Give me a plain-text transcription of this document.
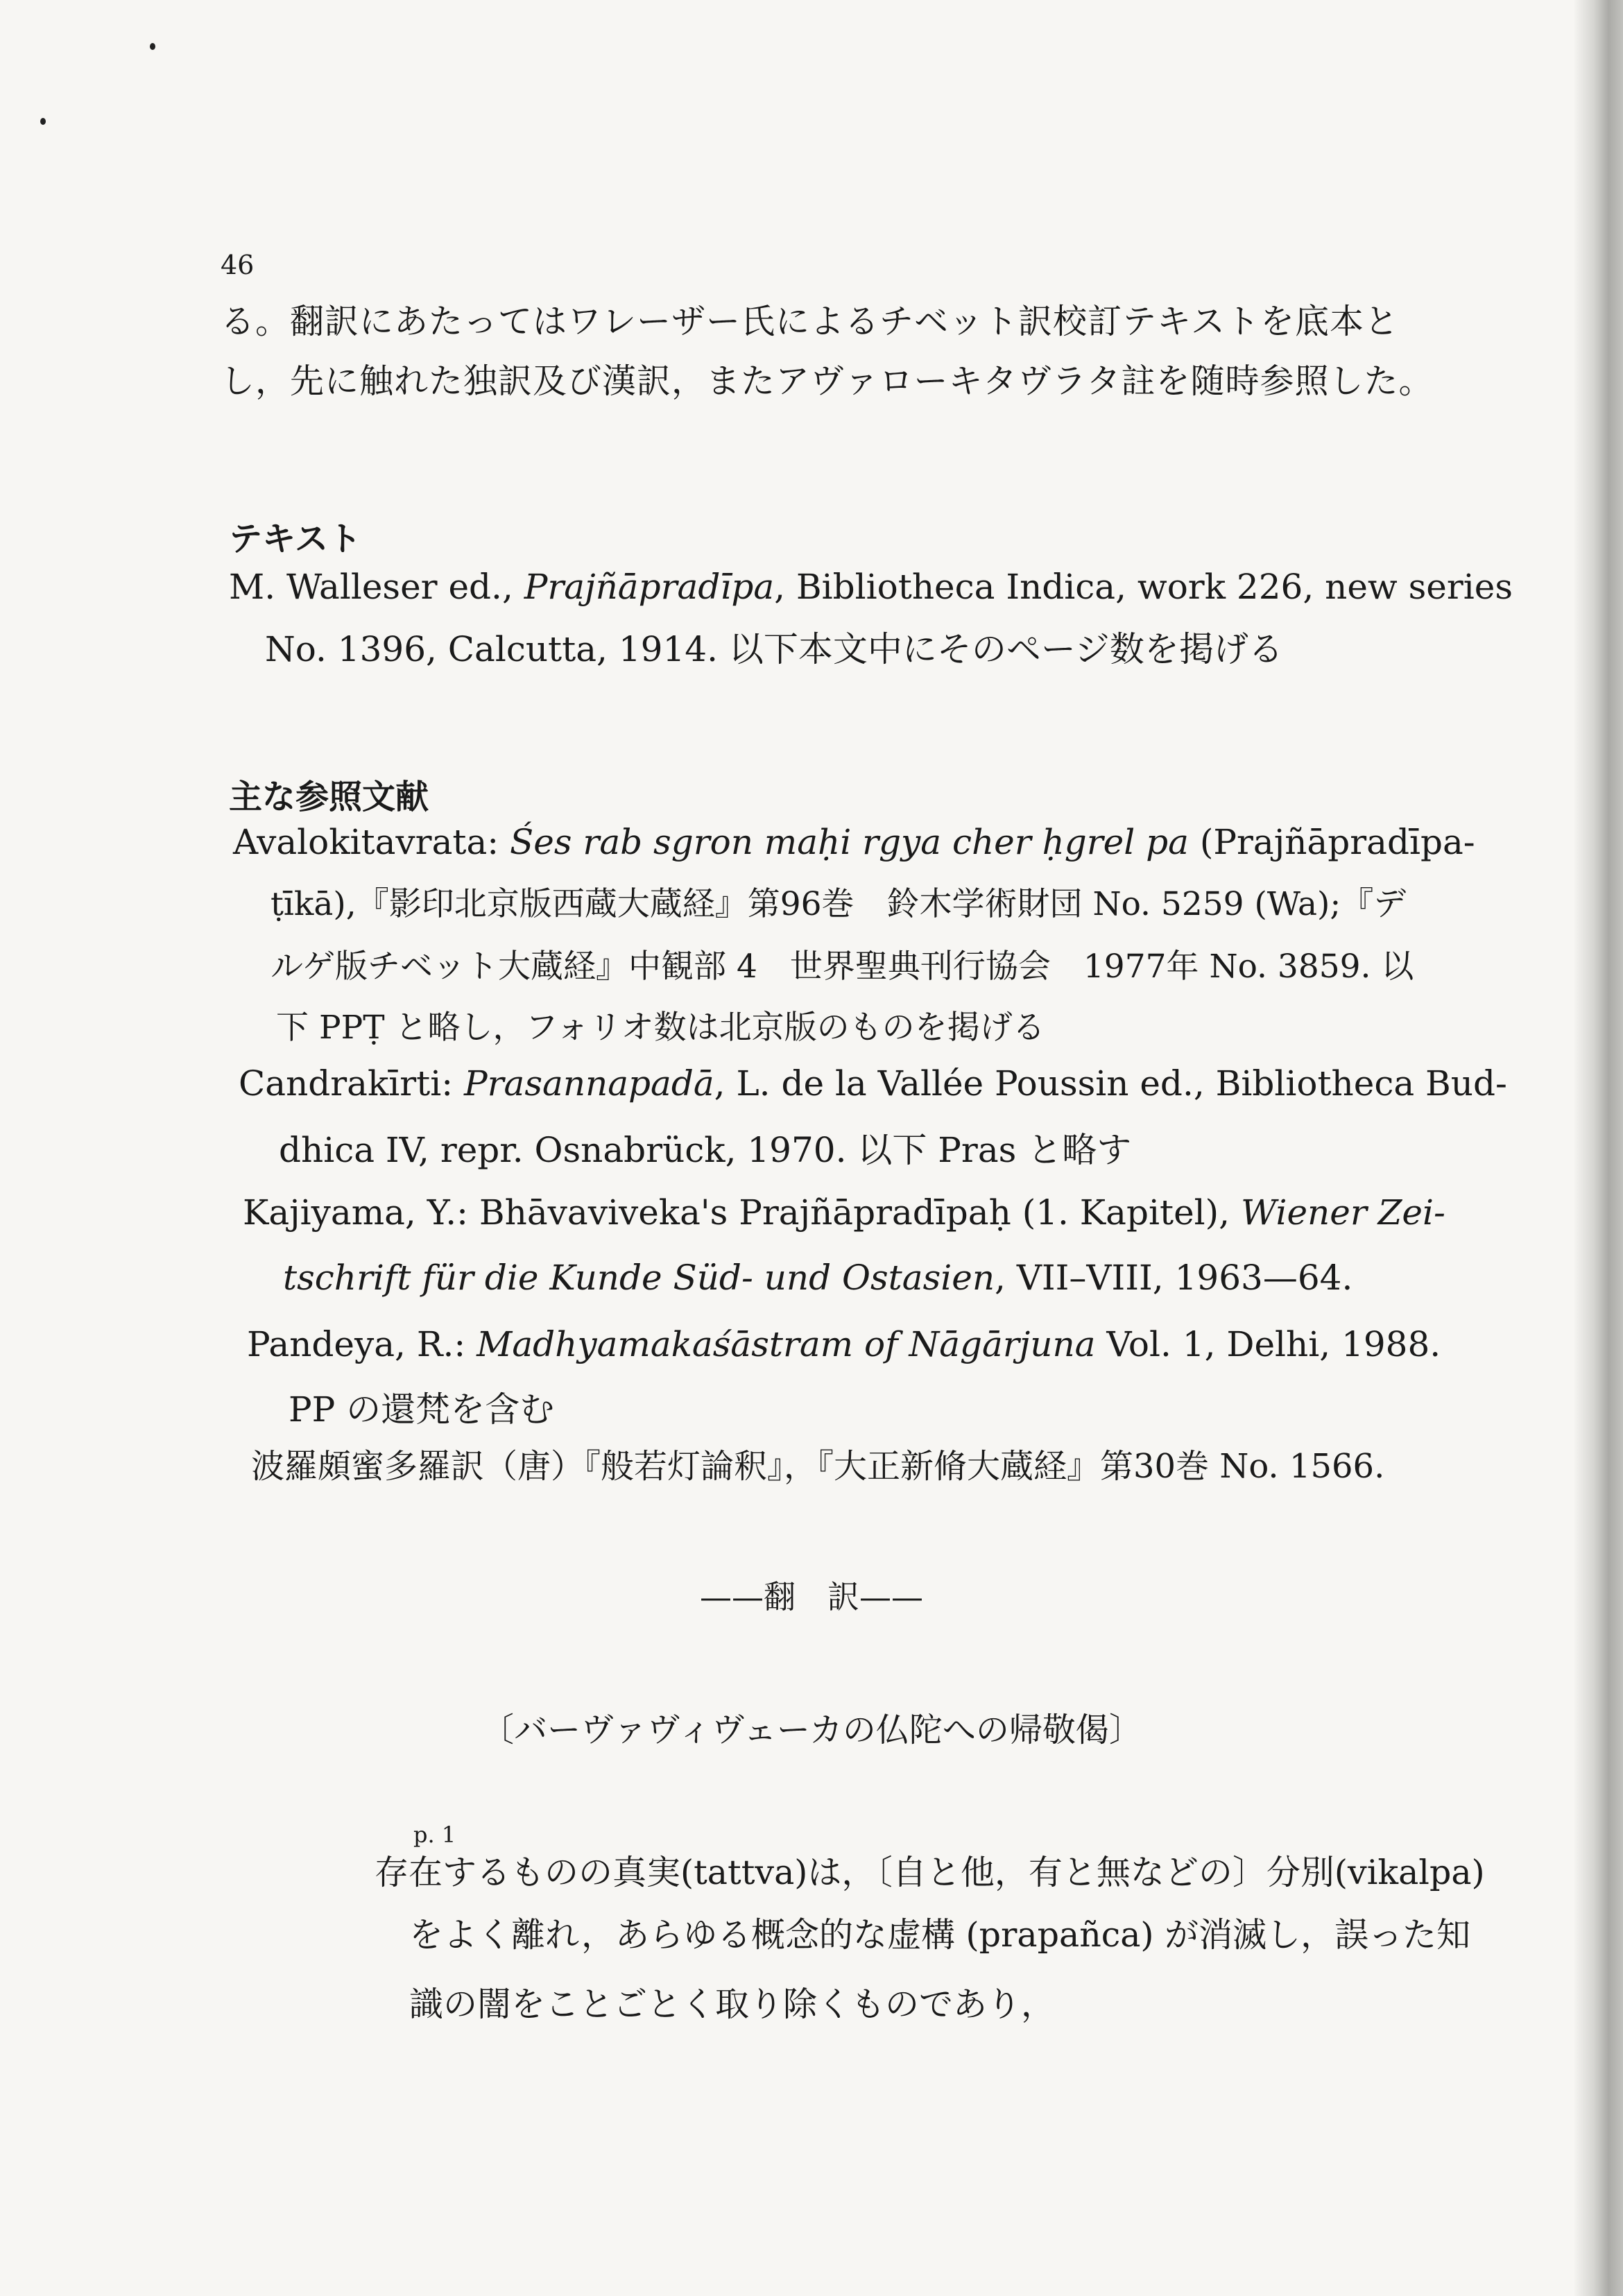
46
る。翻訳にあたってはワレーザー氏によるチベット訳校訂テキストを底本と
し，先に触れた独訳及び漢訳，またアヴァローキタヴラタ註を随時参照した。
テキスト
M. Walleser ed., Prajñāpradīpa, Bibliotheca Indica, work 226, new series
No. 1396, Calcutta, 1914. 以下本文中にそのページ数を掲げる
主な参照文献
Avalokitavrata: Śes rab sgron maḥi rgya cher ḥgrel pa (Prajñāpradīpa-
ṭīkā),『影印北京版西蔵大蔵経』第96巻　鈴木学術財団 No. 5259 (Wa);『デ
ルゲ版チベット大蔵経』中観部 4　世界聖典刊行協会　1977年 No. 3859. 以
下 PPṬ と略し，フォリオ数は北京版のものを掲げる
Candrakīrti: Prasannapadā, L. de la Vallée Poussin ed., Bibliotheca Bud-
dhica IV, repr. Osnabrück, 1970. 以下 Pras と略す
Kajiyama, Y.: Bhāvaviveka's Prajñāpradīpaḥ (1. Kapitel), Wiener Zei-
tschrift für die Kunde Süd- und Ostasien, VII–VIII, 1963—64.
Pandeya, R.: Madhyamakaśāstram of Nāgārjuna Vol. 1, Delhi, 1988.
PP の還梵を含む
波羅頗蜜多羅訳（唐）『般若灯論釈』，『大正新脩大蔵経』第30巻 No. 1566.
——翻　訳——
〔バーヴァヴィヴェーカの仏陀への帰敬偈〕
p. 1
存在するものの真実(tattva)は，〔自と他，有と無などの〕分別(vikalpa)
をよく離れ，あらゆる概念的な虚構 (prapañca) が消滅し，誤った知
識の闇をことごとく取り除くものであり，
